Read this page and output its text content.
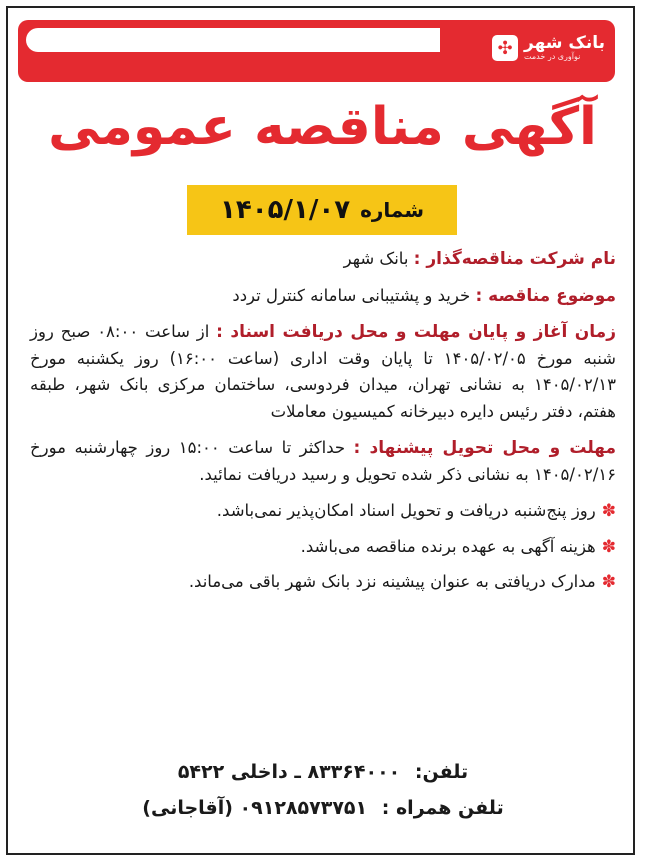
✣ بانک شهر
نوآوری در خدمت
آگهی مناقصه عمومی
شماره
۱۴۰۵/۱/۰۷

نام شرکت مناقصه‌گذار : بانک شهر

موضوع مناقصه : خرید و پشتیبانی سامانه کنترل تردد

زمان آغاز و پایان مهلت و محل دریافت اسناد : از ساعت ۰۸:۰۰ صبح روز شنبه مورخ ۱۴۰۵/۰۲/۰۵ تا پایان وقت اداری (ساعت ۱۶:۰۰) روز یکشنبه مورخ ۱۴۰۵/۰۲/۱۳ به نشانی تهران، میدان فردوسی، ساختمان مرکزی بانک شهر، طبقه هفتم، دفتر رئیس دایره دبیرخانه کمیسیون معاملات

مهلت و محل تحویل پیشنهاد : حداکثر تا ساعت ۱۵:۰۰ روز چهارشنبه مورخ ۱۴۰۵/۰۲/۱۶ به نشانی ذکر شده تحویل و رسید دریافت نمائید.

✽
روز پنج‌شنبه دریافت و تحویل اسناد امکان‌پذیر نمی‌باشد.
✽
هزینه آگهی به عهده برنده مناقصه می‌باشد.
✽
مدارک دریافتی به عنوان پیشینه نزد بانک شهر باقی می‌ماند.
تلفن: ۸۳۳۶۴۰۰۰ ـ داخلی ۵۴۲۲
تلفن همراه : ۰۹۱۲۸۵۷۳۷۵۱ (آقاجانی)
